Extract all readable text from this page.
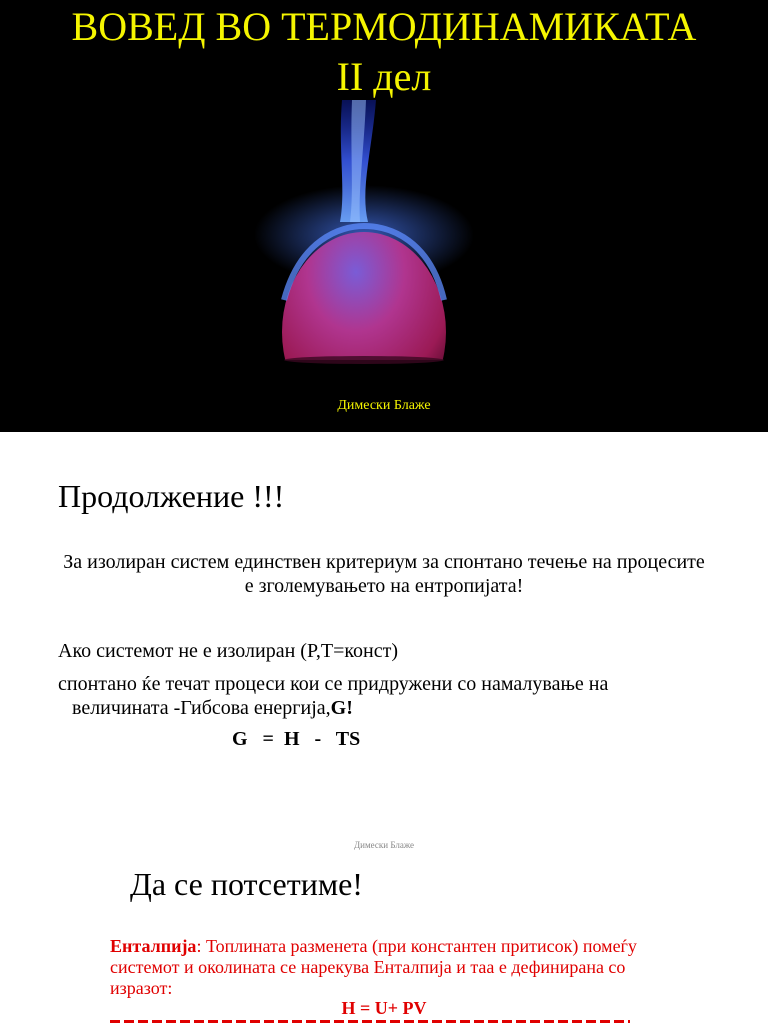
ВОВЕД ВО ТЕРМОДИНАМИКАТА
II дел
Димески Блаже
Продолжение !!!
За изолиран систем единствен критериум за спонтано течење на процесите е зголемувањето на ентропијата!
Ако системот не е изолиран (P,T=конст)
спонтано ќе течат процеси кои се придружени со намалување на
величината -Гибсова енергија,G!
G   =  H   -   TS
Димески Блаже
Да се потсетиме!
Енталпија: Топлината разменета (при константен притисок) помеѓу системот и околината се нарекува Енталпија и таа е дефинирана со изразот:
H = U+ PV
